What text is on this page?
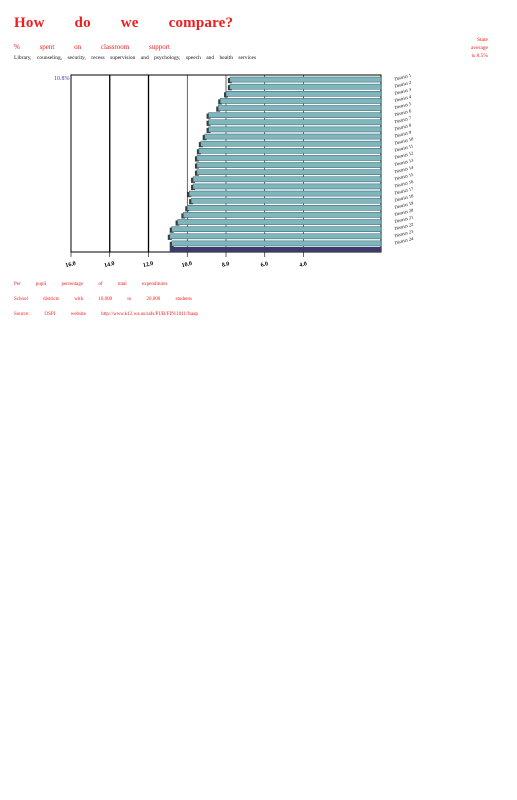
How do we compare?
% spent on classroom support
Library, counseling, security, recess supervision and psychology, speech and health services
State
average
is 8.5%
District 1
District 2
District 3
District 4
District 5
District 6
District 7
District 8
District 9
District 10
District 11
District 12
District 13
District 14
District 15
District 16
District 17
District 18
District 19
District 20
District 21
District 22
District 23
District 24
16.0	14.0	12.0	10.0	8.0	6.0	4.0
10.8%
Per pupil percentage of total expenditures
School districts with 10,000 to 20,000 students
Source: OSPI website http://www.k12.wa.us/safs/PUB/FIN/1011/fsaap
